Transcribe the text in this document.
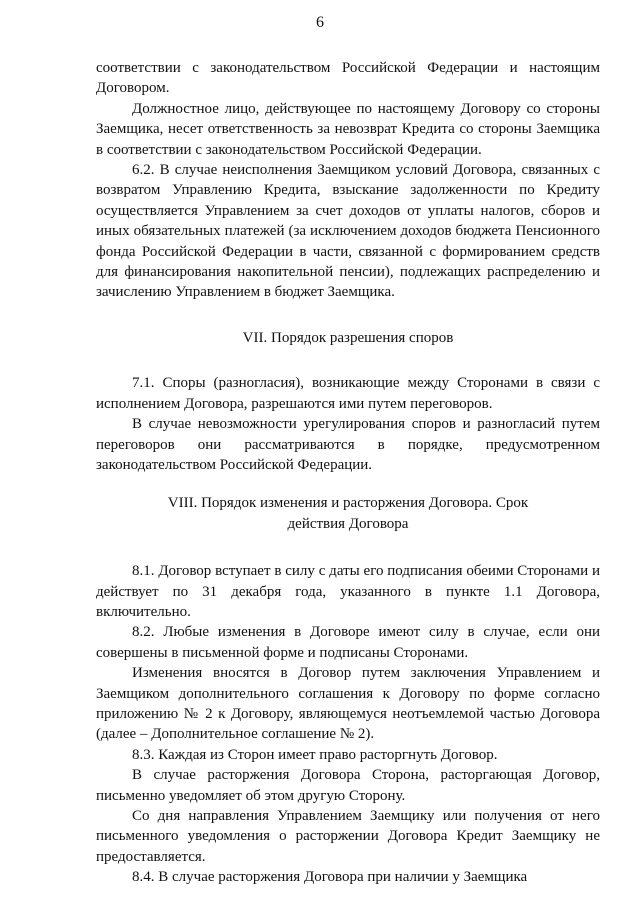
6

соответствии с законодательством Российской Федерации и настоящим Договором.

Должностное лицо, действующее по настоящему Договору со стороны Заемщика, несет ответственность за невозврат Кредита со стороны Заемщика в соответствии с законодательством Российской Федерации.

6.2. В случае неисполнения Заемщиком условий Договора, связанных с возвратом Управлению Кредита, взыскание задолженности по Кредиту осуществляется Управлением за счет доходов от уплаты налогов, сборов и иных обязательных платежей (за исключением доходов бюджета Пенсионного фонда Российской Федерации в части, связанной с формированием средств для финансирования накопительной пенсии), подлежащих распределению и зачислению Управлением в бюджет Заемщика.

VII. Порядок разрешения споров

7.1. Споры (разногласия), возникающие между Сторонами в связи с исполнением Договора, разрешаются ими путем переговоров.

В случае невозможности урегулирования споров и разногласий путем переговоров они рассматриваются в порядке, предусмотренном законодательством Российской Федерации.

VIII. Порядок изменения и расторжения Договора. Срок

действия Договора

8.1. Договор вступает в силу с даты его подписания обеими Сторонами и действует по 31 декабря года, указанного в пункте 1.1 Договора, включительно.

8.2. Любые изменения в Договоре имеют силу в случае, если они совершены в письменной форме и подписаны Сторонами.

Изменения вносятся в Договор путем заключения Управлением и Заемщиком дополнительного соглашения к Договору по форме согласно приложению № 2 к Договору, являющемуся неотъемлемой частью Договора (далее – Дополнительное соглашение № 2).

8.3. Каждая из Сторон имеет право расторгнуть Договор.

В случае расторжения Договора Сторона, расторгающая Договор, письменно уведомляет об этом другую Сторону.

Со дня направления Управлением Заемщику или получения от него письменного уведомления о расторжении Договора Кредит Заемщику не предоставляется.

8.4. В случае расторжения Договора при наличии у Заемщика
